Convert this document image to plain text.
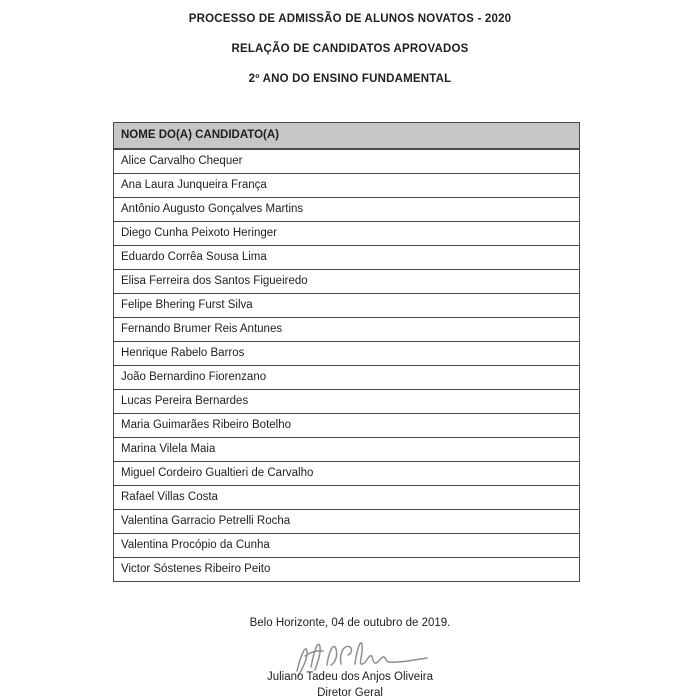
PROCESSO DE ADMISSÃO DE ALUNOS NOVATOS - 2020

RELAÇÃO DE CANDIDATOS APROVADOS

2º ANO DO ENSINO FUNDAMENTAL

NOME DO(A) CANDIDATO(A)
Alice Carvalho Chequer
Ana Laura Junqueira França
Antônio Augusto Gonçalves Martins
Diego Cunha Peixoto Heringer
Eduardo Corrêa Sousa Lima
Elisa Ferreira dos Santos Figueiredo
Felipe Bhering Furst Silva
Fernando Brumer Reis Antunes
Henrique Rabelo Barros
João Bernardino Fiorenzano
Lucas Pereira Bernardes
Maria Guimarães Ribeiro Botelho
Marina Vilela Maia
Miguel Cordeiro Gualtieri de Carvalho
Rafael Villas Costa
Valentina Garracio Petrelli Rocha
Valentina Procópio da Cunha
Victor Sóstenes Ribeiro Peito
Belo Horizonte, 04 de outubro de 2019.
Juliano Tadeu dos Anjos Oliveira
Diretor Geral
